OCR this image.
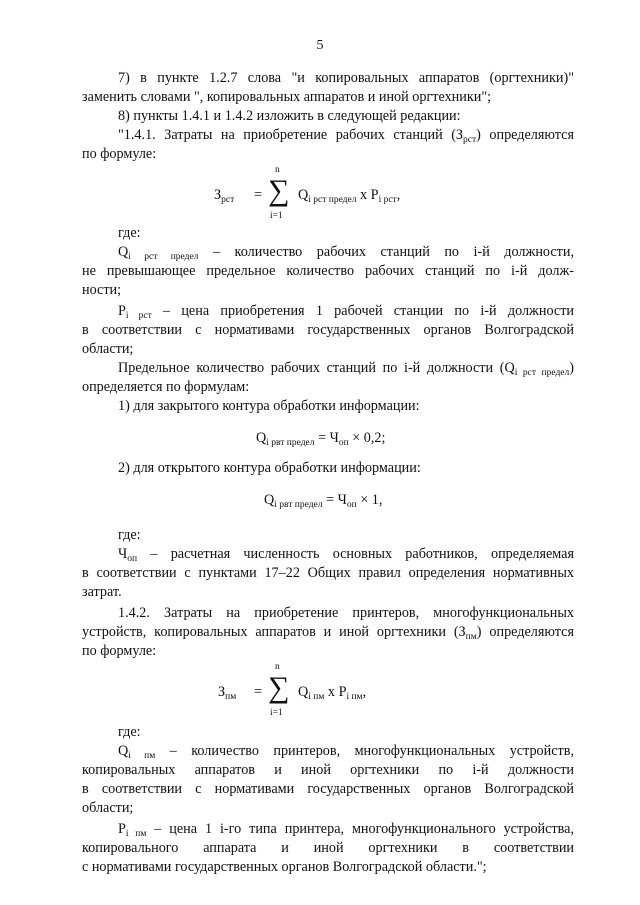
5
7) в пункте 1.2.7 слова "и копировальных аппаратов (оргтехники)"
заменить словами ", копировальных аппаратов и иной оргтехники";
8) пункты 1.4.1 и 1.4.2 изложить в следующей редакции:
"1.4.1. Затраты на приобретение рабочих станций $(З_{рст})$ определяются
по формуле:
$З_{рст}$ =
n
∑
i=1
$Q_{i рст предел}$ x $P_{i рст}$,
где:
$Q_{i рст предел}$ – количество рабочих станций по i-й должности,
не превышающее предельное количество рабочих станций по i-й долж-
ности;
$P_{i рст}$ – цена приобретения 1 рабочей станции по i-й должности
в соответствии с нормативами государственных органов Волгоградской
области;
Предельное количество рабочих станций по i-й должности $(Q_{i рст предел})$
определяется по формулам:
1) для закрытого контура обработки информации:
$Q_{i рвт предел} = Ч_{оп} \times 0,2$;
2) для открытого контура обработки информации:
$Q_{i рвт предел} = Ч_{оп} \times 1$,
где:
$Ч_{оп}$ – расчетная численность основных работников, определяемая
в соответствии с пунктами 17–22 Общих правил определения нормативных
затрат.
1.4.2. Затраты на приобретение принтеров, многофункциональных
устройств, копировальных аппаратов и иной оргтехники $(З_{пм})$ определяются
по формуле:
$З_{пм}$ =
n
∑
i=1
$Q_{i пм}$ x $P_{i пм}$,
где:
$Q_{i пм}$ – количество принтеров, многофункциональных устройств,
копировальных аппаратов и иной оргтехники по i-й должности
в соответствии с нормативами государственных органов Волгоградской
области;
$P_{i пм}$ – цена 1 i-го типа принтера, многофункционального устройства,
копировального аппарата и иной оргтехники в соответствии
с нормативами государственных органов Волгоградской области.";
